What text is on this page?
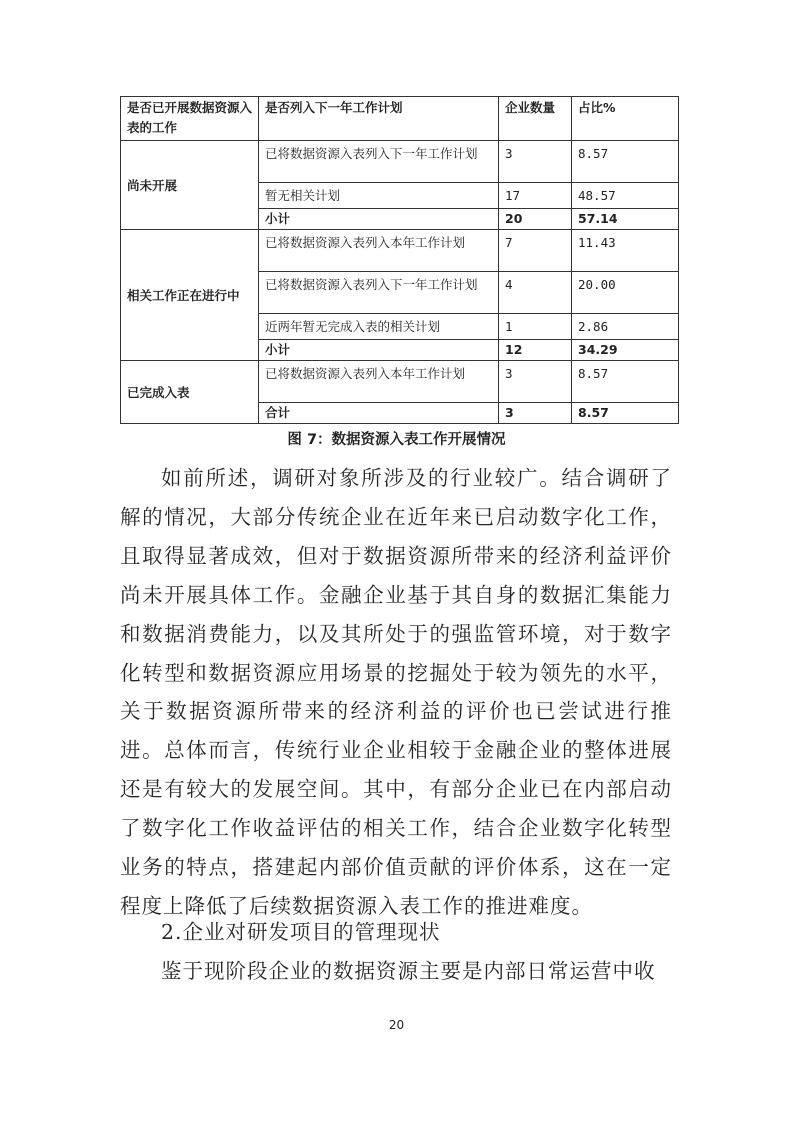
是否已开展数据资源入表的工作	是否列入下一年工作计划	企业数量	占比%
尚未开展	已将数据资源入表列入下一年工作计划	3	8.57
	暂无相关计划	17	48.57
	小计	20	57.14
相关工作正在进行中	已将数据资源入表列入本年工作计划	7	11.43
	已将数据资源入表列入下一年工作计划	4	20.00
	近两年暂无完成入表的相关计划	1	2.86
	小计	12	34.29
已完成入表	已将数据资源入表列入本年工作计划	3	8.57
	合计	3	8.57
图 7：数据资源入表工作开展情况

如前所述，调研对象所涉及的行业较广。结合调研了解的情况，大部分传统企业在近年来已启动数字化工作，且取得显著成效，但对于数据资源所带来的经济利益评价尚未开展具体工作。金融企业基于其自身的数据汇集能力和数据消费能力，以及其所处于的强监管环境，对于数字化转型和数据资源应用场景的挖掘处于较为领先的水平，关于数据资源所带来的经济利益的评价也已尝试进行推进。总体而言，传统行业企业相较于金融企业的整体进展还是有较大的发展空间。其中，有部分企业已在内部启动了数字化工作收益评估的相关工作，结合企业数字化转型业务的特点，搭建起内部价值贡献的评价体系，这在一定程度上降低了后续数据资源入表工作的推进难度。

2.企业对研发项目的管理现状

鉴于现阶段企业的数据资源主要是内部日常运营中收

20
